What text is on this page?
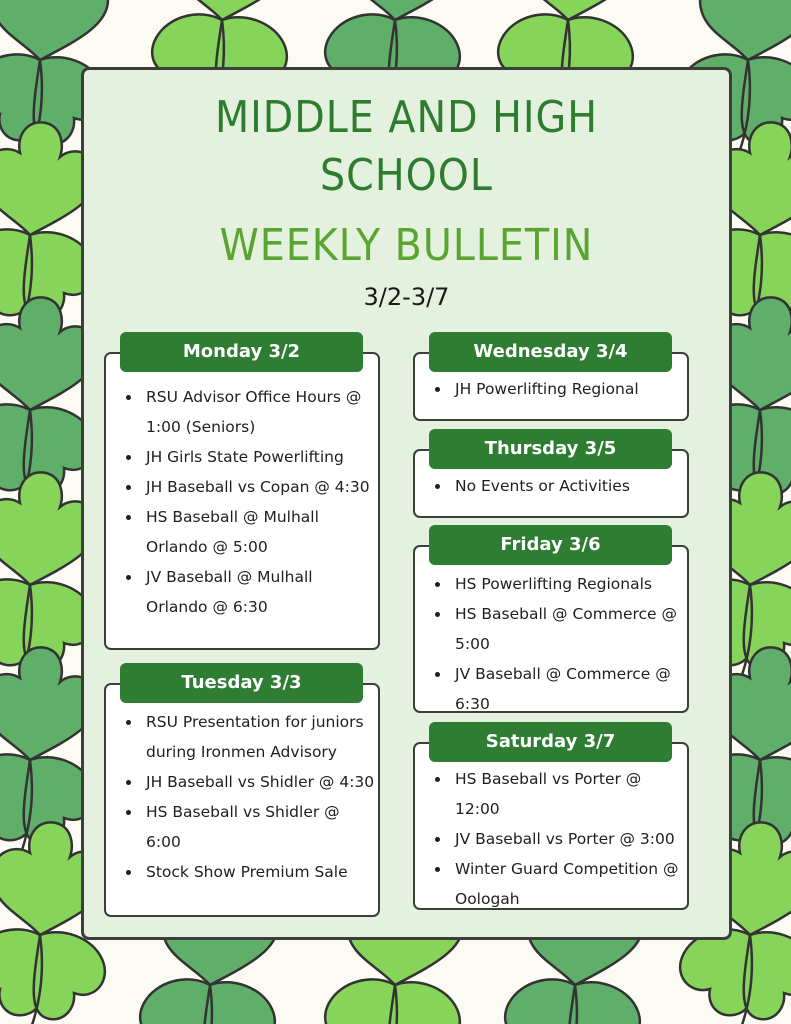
MIDDLE AND HIGH
SCHOOL
WEEKLY BULLETIN
3/2-3/7
• RSU Advisor Office Hours @ 1:00 (Seniors)
• JH Girls State Powerlifting
• JH Baseball vs Copan @ 4:30
• HS Baseball @ Mulhall Orlando @ 5:00
• JV Baseball @ Mulhall Orlando @ 6:30
Monday 3/2
• RSU Presentation for juniors during Ironmen Advisory
• JH Baseball vs Shidler @ 4:30
• HS Baseball vs Shidler @ 6:00
• Stock Show Premium Sale
Tuesday 3/3
• JH Powerlifting Regional
Wednesday 3/4
• No Events or Activities
Thursday 3/5
• HS Powerlifting Regionals
• HS Baseball @ Commerce @ 5:00
• JV Baseball @ Commerce @ 6:30
Friday 3/6
• HS Baseball vs Porter @ 12:00
• JV Baseball vs Porter @ 3:00
• Winter Guard Competition @ Oologah
Saturday 3/7
